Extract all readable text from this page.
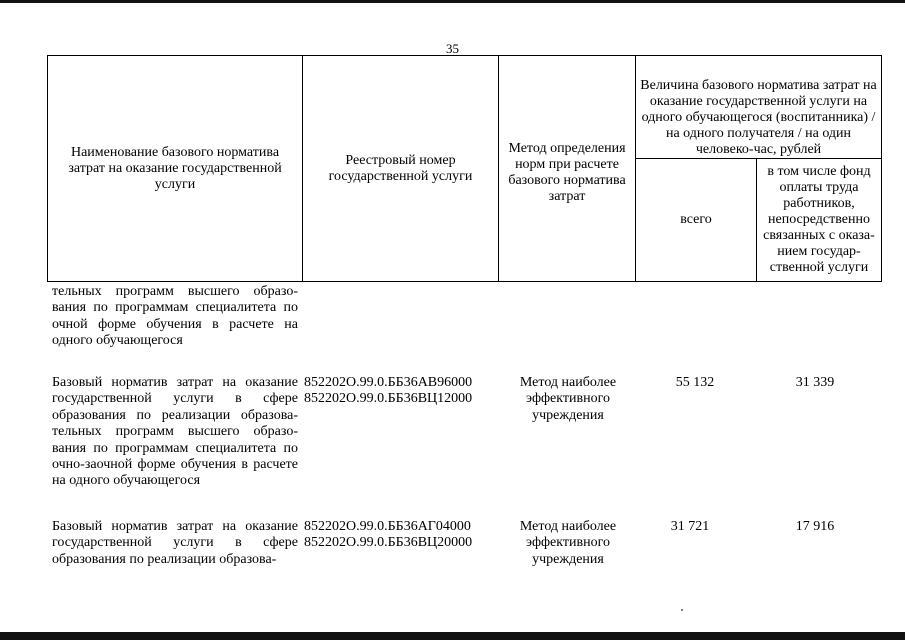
35
Наименование базового норматива затрат на оказание государственной услуги
Реестровый номер государственной услуги
Метод определения норм при расчете базового норматива затрат
Величина базового норматива затрат на оказание государственной услуги на одного обучающегося (воспитанника) / на одного получателя / на один человеко-час, рублей
всего
в том числе фонд оплаты труда работников, непосредственно связанных с оказа-нием государ-ственной услуги
тельных программ высшего образо-вания по программам специалитета по очной форме обучения в расчете на одного обучающегося
Базовый норматив затрат на оказание государственной услуги в сфере образования по реализации образова-тельных программ высшего образо-вания по программам специалитета по очно-заочной форме обучения в расчете на одного обучающегося
852202О.99.0.ББ36АВ96000
852202О.99.0.ББ36ВЦ12000
Метод наиболее эффективного учреждения
55 132	31 339
Базовый норматив затрат на оказание государственной услуги в сфере образования по реализации образова-
852202О.99.0.ББ36АГ04000
852202О.99.0.ББ36ВЦ20000
Метод наиболее эффективного учреждения
31 721	17 916
